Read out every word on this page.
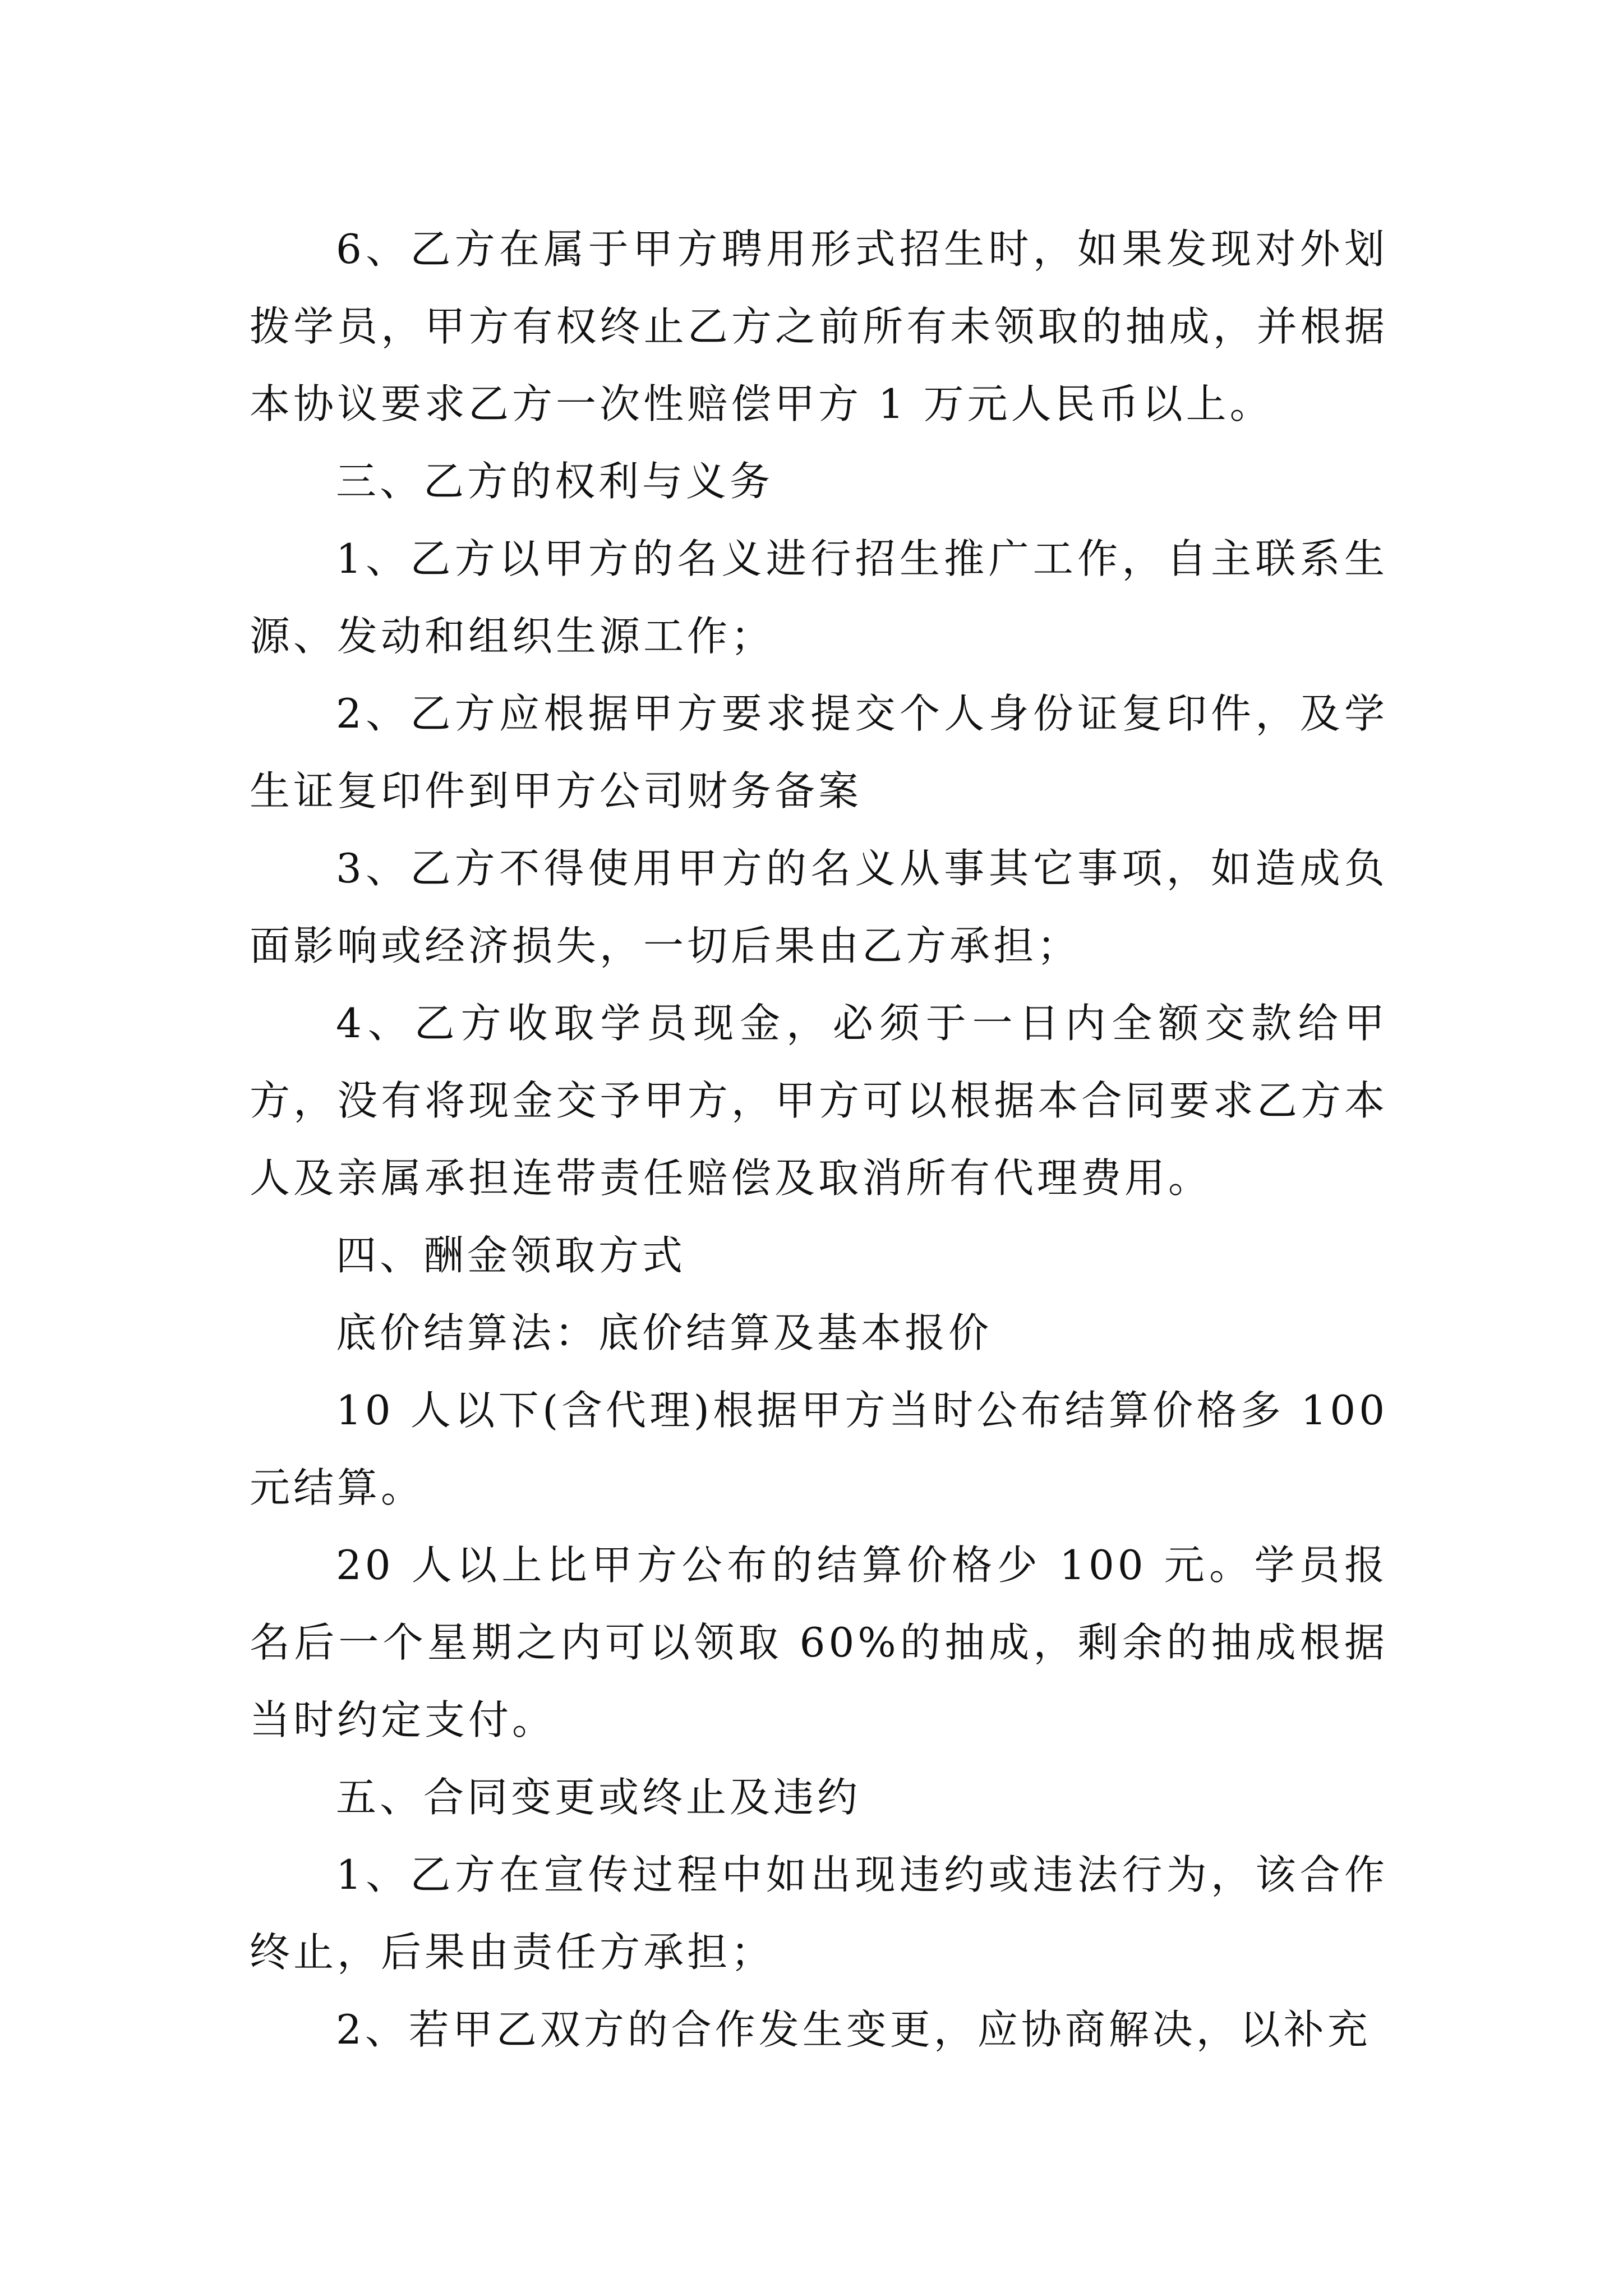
6、乙方在属于甲方聘用形式招生时，如果发现对外划拨学员，甲方有权终止乙方之前所有未领取的抽成，并根据本协议要求乙方一次性赔偿甲方 1 万元人民币以上。

三、乙方的权利与义务

1、乙方以甲方的名义进行招生推广工作，自主联系生源、发动和组织生源工作；

2、乙方应根据甲方要求提交个人身份证复印件，及学生证复印件到甲方公司财务备案

3、乙方不得使用甲方的名义从事其它事项，如造成负面影响或经济损失，一切后果由乙方承担；

4、乙方收取学员现金，必须于一日内全额交款给甲方，没有将现金交予甲方，甲方可以根据本合同要求乙方本人及亲属承担连带责任赔偿及取消所有代理费用。

四、酬金领取方式

底价结算法：底价结算及基本报价

10 人以下(含代理)根据甲方当时公布结算价格多 100 元结算。

20 人以上比甲方公布的结算价格少 100 元。学员报名后一个星期之内可以领取 60%的抽成，剩余的抽成根据当时约定支付。

五、合同变更或终止及违约

1、乙方在宣传过程中如出现违约或违法行为，该合作终止，后果由责任方承担；

2、若甲乙双方的合作发生变更，应协商解决，以补充
